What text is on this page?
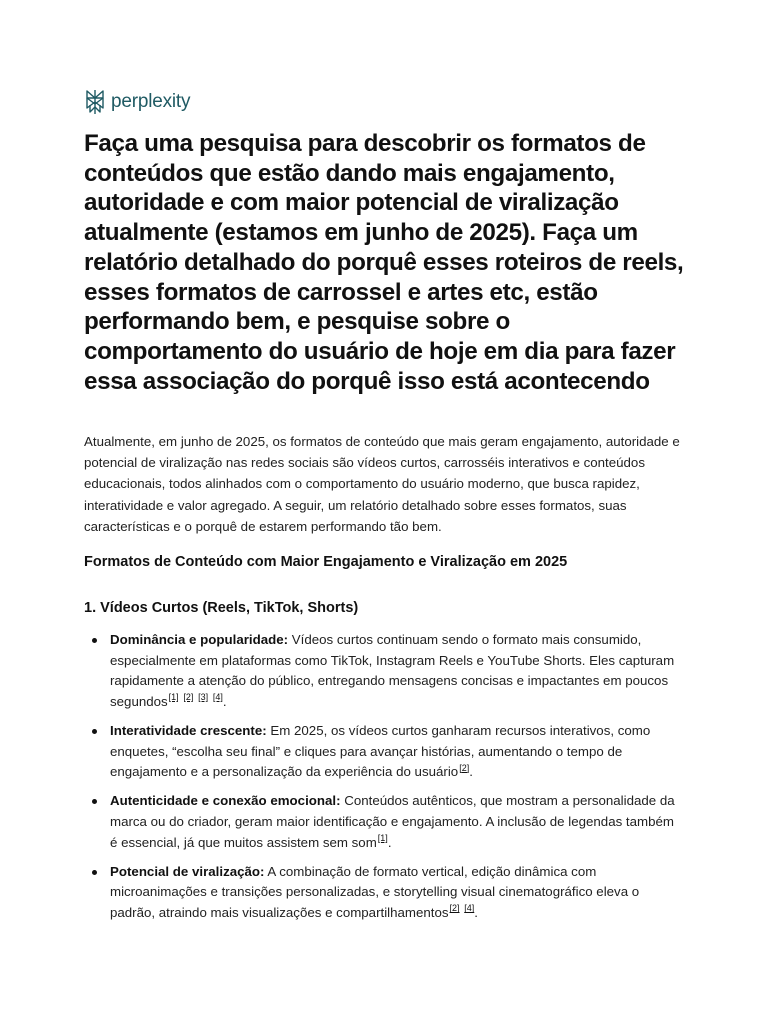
perplexity
Faça uma pesquisa para descobrir os formatos de conteúdos que estão dando mais engajamento, autoridade e com maior potencial de viralização atualmente (estamos em junho de 2025). Faça um relatório detalhado do porquê esses roteiros de reels, esses formatos de carrossel e artes etc, estão performando bem, e pesquise sobre o comportamento do usuário de hoje em dia para fazer essa associação do porquê isso está acontecendo

Atualmente, em junho de 2025, os formatos de conteúdo que mais geram engajamento, autoridade e potencial de viralização nas redes sociais são vídeos curtos, carrosséis interativos e conteúdos educacionais, todos alinhados com o comportamento do usuário moderno, que busca rapidez, interatividade e valor agregado. A seguir, um relatório detalhado sobre esses formatos, suas características e o porquê de estarem performando tão bem.

Formatos de Conteúdo com Maior Engajamento e Viralização em 2025
1. Vídeos Curtos (Reels, TikTok, Shorts)
Dominância e popularidade: Vídeos curtos continuam sendo o formato mais consumido, especialmente em plataformas como TikTok, Instagram Reels e YouTube Shorts. Eles capturam rapidamente a atenção do público, entregando mensagens concisas e impactantes em poucos segundos[1] [2] [3] [4].
Interatividade crescente: Em 2025, os vídeos curtos ganharam recursos interativos, como enquetes, “escolha seu final” e cliques para avançar histórias, aumentando o tempo de engajamento e a personalização da experiência do usuário[2].
Autenticidade e conexão emocional: Conteúdos autênticos, que mostram a personalidade da marca ou do criador, geram maior identificação e engajamento. A inclusão de legendas também é essencial, já que muitos assistem sem som[1].
Potencial de viralização: A combinação de formato vertical, edição dinâmica com microanimações e transições personalizadas, e storytelling visual cinematográfico eleva o padrão, atraindo mais visualizações e compartilhamentos[2] [4].
